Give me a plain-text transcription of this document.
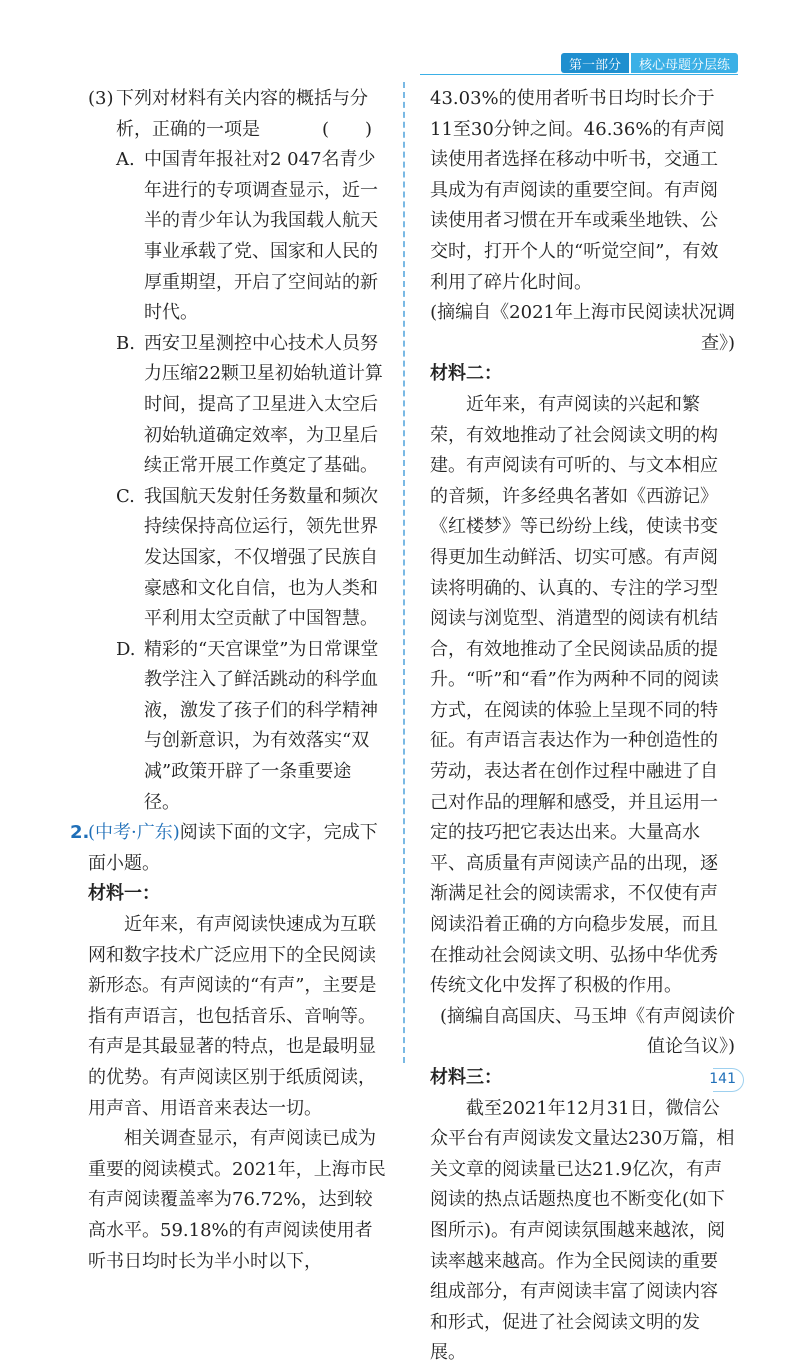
第一部分	核心母题分层练
(3) 下列对材料有关内容的概括与分析，正确的一项是	(　　)
A. 中国青年报社对2 047名青少年进行的专项调查显示，近一半的青少年认为我国载人航天事业承载了党、国家和人民的厚重期望，开启了空间站的新时代。
B. 西安卫星测控中心技术人员努力压缩22颗卫星初始轨道计算时间，提高了卫星进入太空后初始轨道确定效率，为卫星后续正常开展工作奠定了基础。
C. 我国航天发射任务数量和频次持续保持高位运行，领先世界发达国家，不仅增强了民族自豪感和文化自信，也为人类和平利用太空贡献了中国智慧。
D. 精彩的“天宫课堂”为日常课堂教学注入了鲜活跳动的科学血液，激发了孩子们的科学精神与创新意识，为有效落实“双减”政策开辟了一条重要途径。
2.
(中考·广东)阅读下面的文字，完成下面小题。

材料一：

近年来，有声阅读快速成为互联网和数字技术广泛应用下的全民阅读新形态。有声阅读的“有声”，主要是指有声语言，也包括音乐、音响等。有声是其最显著的特点，也是最明显的优势。有声阅读区别于纸质阅读，用声音、用语音来表达一切。

相关调查显示，有声阅读已成为重要的阅读模式。2021年，上海市民有声阅读覆盖率为76.72%，达到较高水平。59.18%的有声阅读使用者听书日均时长为半小时以下，

43.03%的使用者听书日均时长介于11至30分钟之间。46.36%的有声阅读使用者选择在移动中听书，交通工具成为有声阅读的重要空间。有声阅读使用者习惯在开车或乘坐地铁、公交时，打开个人的“听觉空间”，有效利用了碎片化时间。

(摘编自《2021年上海市民阅读状况调查》)

材料二：

近年来，有声阅读的兴起和繁荣，有效地推动了社会阅读文明的构建。有声阅读有可听的、与文本相应的音频，许多经典名著如《西游记》《红楼梦》等已纷纷上线，使读书变得更加生动鲜活、切实可感。有声阅读将明确的、认真的、专注的学习型阅读与浏览型、消遣型的阅读有机结合，有效地推动了全民阅读品质的提升。“听”和“看”作为两种不同的阅读方式，在阅读的体验上呈现不同的特征。有声语言表达作为一种创造性的劳动，表达者在创作过程中融进了自己对作品的理解和感受，并且运用一定的技巧把它表达出来。大量高水平、高质量有声阅读产品的出现，逐渐满足社会的阅读需求，不仅使有声阅读沿着正确的方向稳步发展，而且在推动社会阅读文明、弘扬中华优秀传统文化中发挥了积极的作用。

(摘编自高国庆、马玉坤《有声阅读价值论刍议》)

材料三：

截至2021年12月31日，微信公众平台有声阅读发文量达230万篇，相关文章的阅读量已达21.9亿次，有声阅读的热点话题热度也不断变化(如下图所示)。有声阅读氛围越来越浓，阅读率越来越高。作为全民阅读的重要组成部分，有声阅读丰富了阅读内容和形式，促进了社会阅读文明的发展。

141
